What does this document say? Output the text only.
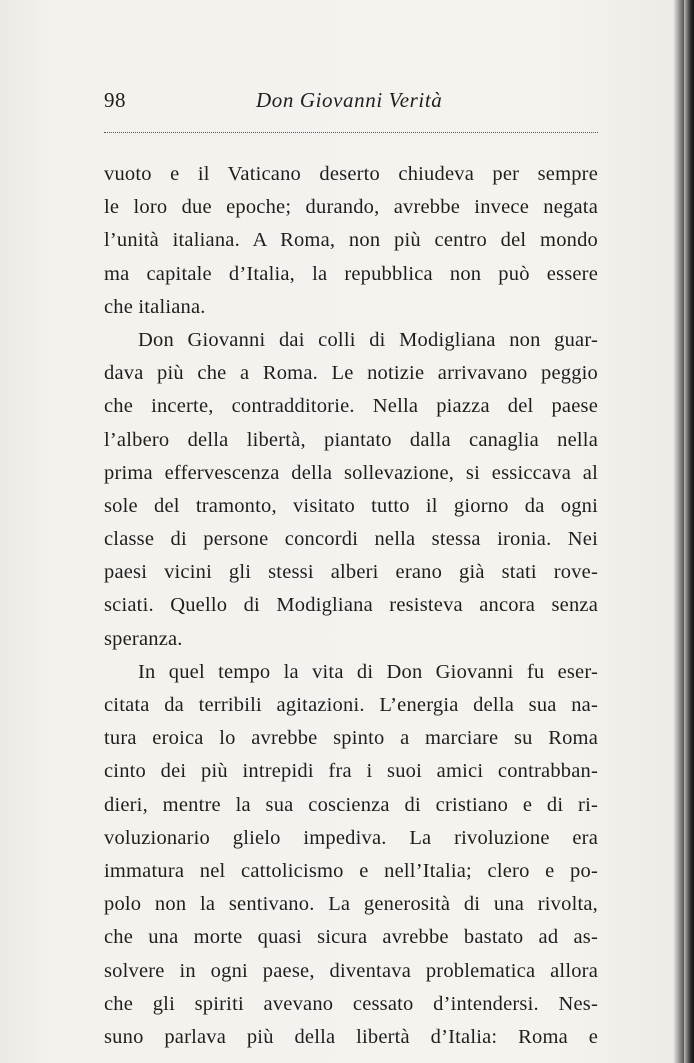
98	Don Giovanni Verità
vuoto e il Vaticano deserto chiudeva per sempre
le loro due epoche; durando, avrebbe invece negata
l’unità italiana. A Roma, non più centro del mondo
ma capitale d’Italia, la repubblica non può essere
che italiana.
Don Giovanni dai colli di Modigliana non guar-
dava più che a Roma. Le notizie arrivavano peggio
che incerte, contradditorie. Nella piazza del paese
l’albero della libertà, piantato dalla canaglia nella
prima effervescenza della sollevazione, si essiccava al
sole del tramonto, visitato tutto il giorno da ogni
classe di persone concordi nella stessa ironia. Nei
paesi vicini gli stessi alberi erano già stati rove-
sciati. Quello di Modigliana resisteva ancora senza
speranza.
In quel tempo la vita di Don Giovanni fu eser-
citata da terribili agitazioni. L’energia della sua na-
tura eroica lo avrebbe spinto a marciare su Roma
cinto dei più intrepidi fra i suoi amici contrabban-
dieri, mentre la sua coscienza di cristiano e di ri-
voluzionario glielo impediva. La rivoluzione era
immatura nel cattolicismo e nell’Italia; clero e po-
polo non la sentivano. La generosità di una rivolta,
che una morte quasi sicura avrebbe bastato ad as-
solvere in ogni paese, diventava problematica allora
che gli spiriti avevano cessato d’intendersi. Nes-
suno parlava più della libertà d’Italia: Roma e
